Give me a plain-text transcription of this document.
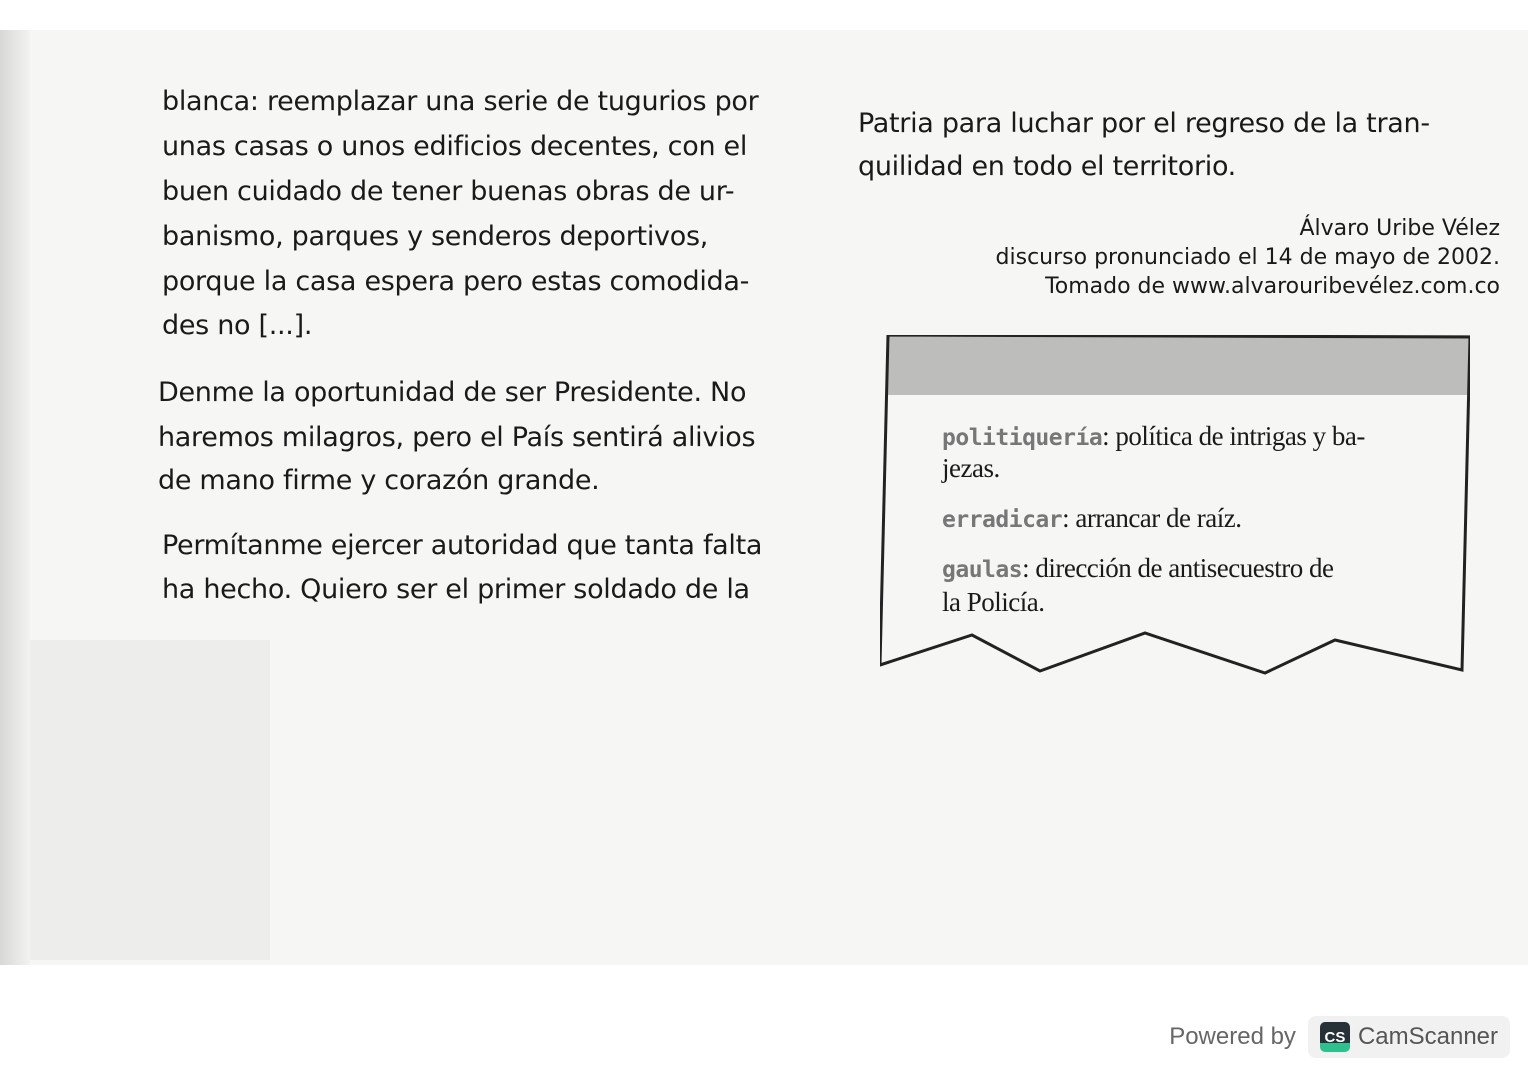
blanca: reemplazar una serie de tugurios por
unas casas o unos edificios decentes, con el
buen cuidado de tener buenas obras de ur-
banismo, parques y senderos deportivos,
porque la casa espera pero estas comodida-
des no [...].
Denme la oportunidad de ser Presidente. No
haremos milagros, pero el País sentirá alivios
de mano firme y corazón grande.
Permítanme ejercer autoridad que tanta falta
ha hecho. Quiero ser el primer soldado de la
Patria para luchar por el regreso de la tran-
quilidad en todo el territorio.
Álvaro Uribe Vélez
discurso pronunciado el 14 de mayo de 2002.
Tomado de www.alvarouribevélez.com.co
politiquería: política de intrigas y ba-
jezas.
erradicar: arrancar de raíz.
gaulas: dirección de antisecuestro de
la Policía.
Powered by	CS CamScanner
